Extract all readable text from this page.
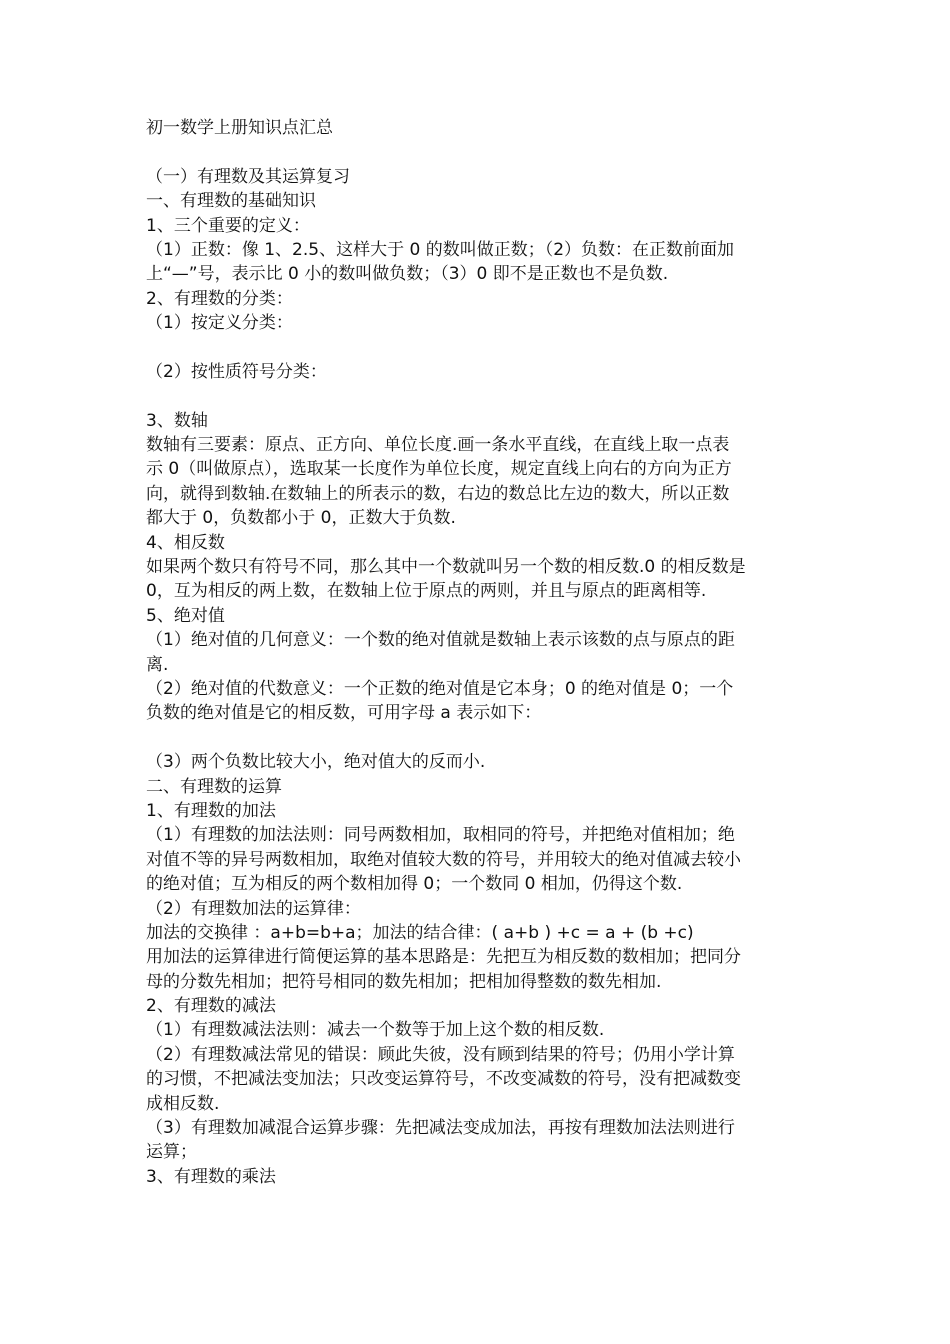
初一数学上册知识点汇总
（一）有理数及其运算复习
一、有理数的基础知识
1、三个重要的定义：
（1）正数：像 1、2.5、这样大于 0 的数叫做正数；（2）负数：在正数前面加
上“—”号，表示比 0 小的数叫做负数；（3）0 即不是正数也不是负数.
2、有理数的分类：
（1）按定义分类：
（2）按性质符号分类：
3、数轴
数轴有三要素：原点、正方向、单位长度.画一条水平直线，在直线上取一点表
示 0（叫做原点），选取某一长度作为单位长度，规定直线上向右的方向为正方
向，就得到数轴.在数轴上的所表示的数，右边的数总比左边的数大，所以正数
都大于 0，负数都小于 0，正数大于负数.
4、相反数
如果两个数只有符号不同，那么其中一个数就叫另一个数的相反数.0 的相反数是
0，互为相反的两上数，在数轴上位于原点的两则，并且与原点的距离相等.
5、绝对值
（1）绝对值的几何意义：一个数的绝对值就是数轴上表示该数的点与原点的距
离.
（2）绝对值的代数意义：一个正数的绝对值是它本身；0 的绝对值是 0；一个
负数的绝对值是它的相反数，可用字母 a 表示如下：
（3）两个负数比较大小，绝对值大的反而小.
二、有理数的运算
1、有理数的加法
（1）有理数的加法法则：同号两数相加，取相同的符号，并把绝对值相加；绝
对值不等的异号两数相加，取绝对值较大数的符号，并用较大的绝对值减去较小
的绝对值；互为相反的两个数相加得 0；一个数同 0 相加，仍得这个数.
（2）有理数加法的运算律：
加法的交换律 ：a+b=b+a；加法的结合律：( a+b ) +c = a + (b +c)
用加法的运算律进行简便运算的基本思路是：先把互为相反数的数相加；把同分
母的分数先相加；把符号相同的数先相加；把相加得整数的数先相加.
2、有理数的减法
（1）有理数减法法则：减去一个数等于加上这个数的相反数.
（2）有理数减法常见的错误：顾此失彼，没有顾到结果的符号；仍用小学计算
的习惯，不把减法变加法；只改变运算符号，不改变减数的符号，没有把减数变
成相反数.
（3）有理数加减混合运算步骤：先把减法变成加法，再按有理数加法法则进行
运算；
3、有理数的乘法
